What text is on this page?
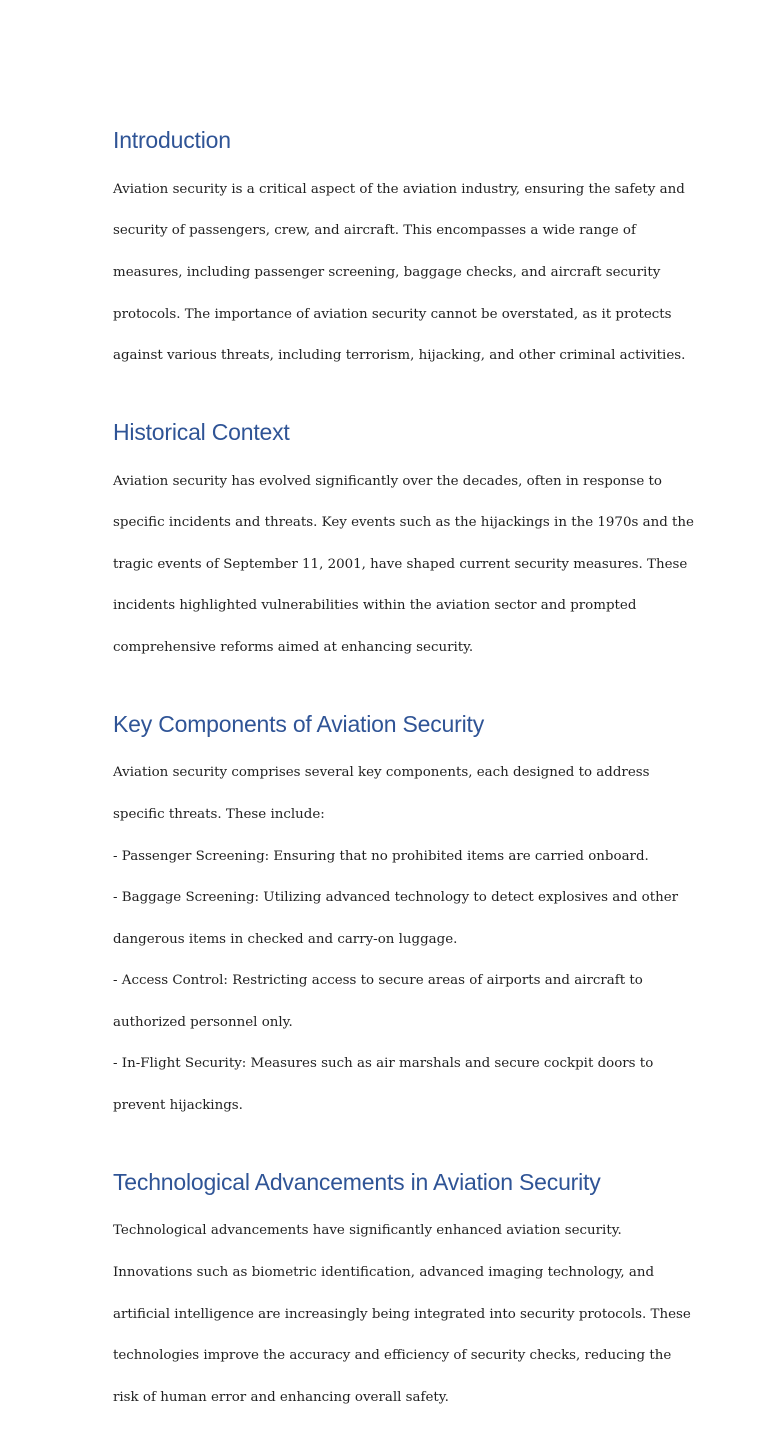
Introduction

Aviation security is a critical aspect of the aviation industry, ensuring the safety and

security of passengers, crew, and aircraft. This encompasses a wide range of

measures, including passenger screening, baggage checks, and aircraft security

protocols. The importance of aviation security cannot be overstated, as it protects

against various threats, including terrorism, hijacking, and other criminal activities.

Historical Context

Aviation security has evolved significantly over the decades, often in response to

specific incidents and threats. Key events such as the hijackings in the 1970s and the

tragic events of September 11, 2001, have shaped current security measures. These

incidents highlighted vulnerabilities within the aviation sector and prompted

comprehensive reforms aimed at enhancing security.

Key Components of Aviation Security

Aviation security comprises several key components, each designed to address

specific threats. These include:

- Passenger Screening: Ensuring that no prohibited items are carried onboard.

- Baggage Screening: Utilizing advanced technology to detect explosives and other

dangerous items in checked and carry-on luggage.

- Access Control: Restricting access to secure areas of airports and aircraft to

authorized personnel only.

- In-Flight Security: Measures such as air marshals and secure cockpit doors to

prevent hijackings.

Technological Advancements in Aviation Security

Technological advancements have significantly enhanced aviation security.

Innovations such as biometric identification, advanced imaging technology, and

artificial intelligence are increasingly being integrated into security protocols. These

technologies improve the accuracy and efficiency of security checks, reducing the

risk of human error and enhancing overall safety.
